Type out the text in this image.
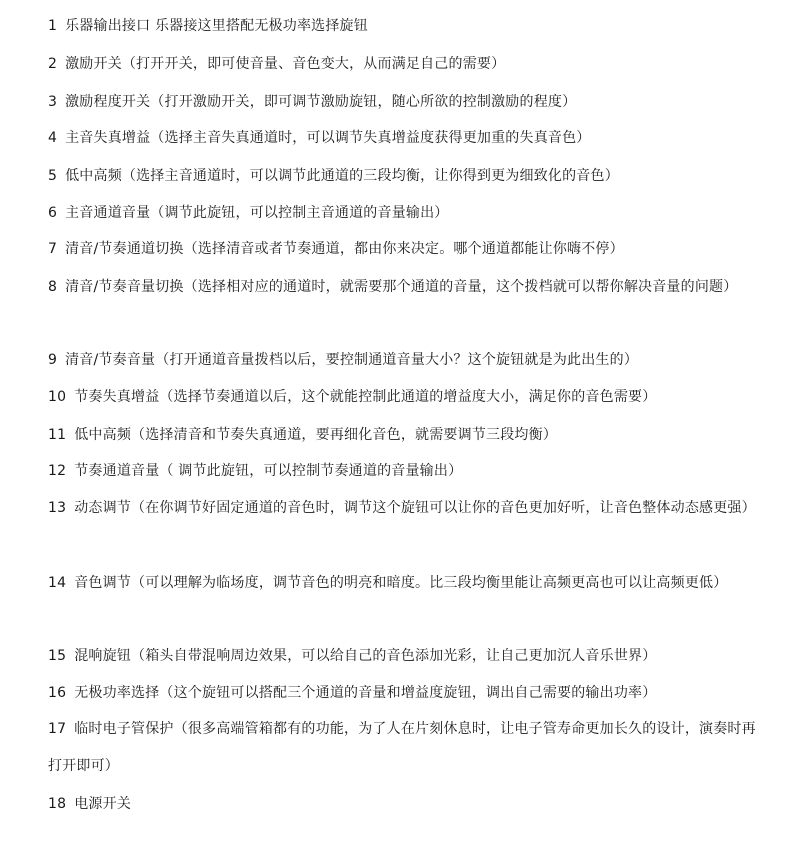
1 乐器输出接口 乐器接这里搭配无极功率选择旋钮
2 激励开关（打开开关，即可使音量、音色变大，从而满足自己的需要）
3 激励程度开关（打开激励开关，即可调节激励旋钮，随心所欲的控制激励的程度）
4 主音失真增益（选择主音失真通道时，可以调节失真增益度获得更加重的失真音色）
5 低中高频（选择主音通道时，可以调节此通道的三段均衡，让你得到更为细致化的音色）
6 主音通道音量（调节此旋钮，可以控制主音通道的音量输出）
7 清音/节奏通道切换（选择清音或者节奏通道，都由你来决定。哪个通道都能让你嗨不停）
8 清音/节奏音量切换（选择相对应的通道时，就需要那个通道的音量，这个拨档就可以帮你解决音量的问题）
9 清音/节奏音量（打开通道音量拨档以后，要控制通道音量大小？这个旋钮就是为此出生的）
10 节奏失真增益（选择节奏通道以后，这个就能控制此通道的增益度大小，满足你的音色需要）
11 低中高频（选择清音和节奏失真通道，要再细化音色，就需要调节三段均衡）
12 节奏通道音量（ 调节此旋钮，可以控制节奏通道的音量输出）
13 动态调节（在你调节好固定通道的音色时，调节这个旋钮可以让你的音色更加好听，让音色整体动态感更强）
14 音色调节（可以理解为临场度，调节音色的明亮和暗度。比三段均衡里能让高频更高也可以让高频更低）
15 混响旋钮（箱头自带混响周边效果，可以给自己的音色添加光彩，让自己更加沉人音乐世界）
16 无极功率选择（这个旋钮可以搭配三个通道的音量和增益度旋钮，调出自己需要的输出功率）
17 临时电子管保护（很多高端管箱都有的功能，为了人在片刻休息时，让电子管寿命更加长久的设计，演奏时再打开即可）
18 电源开关
